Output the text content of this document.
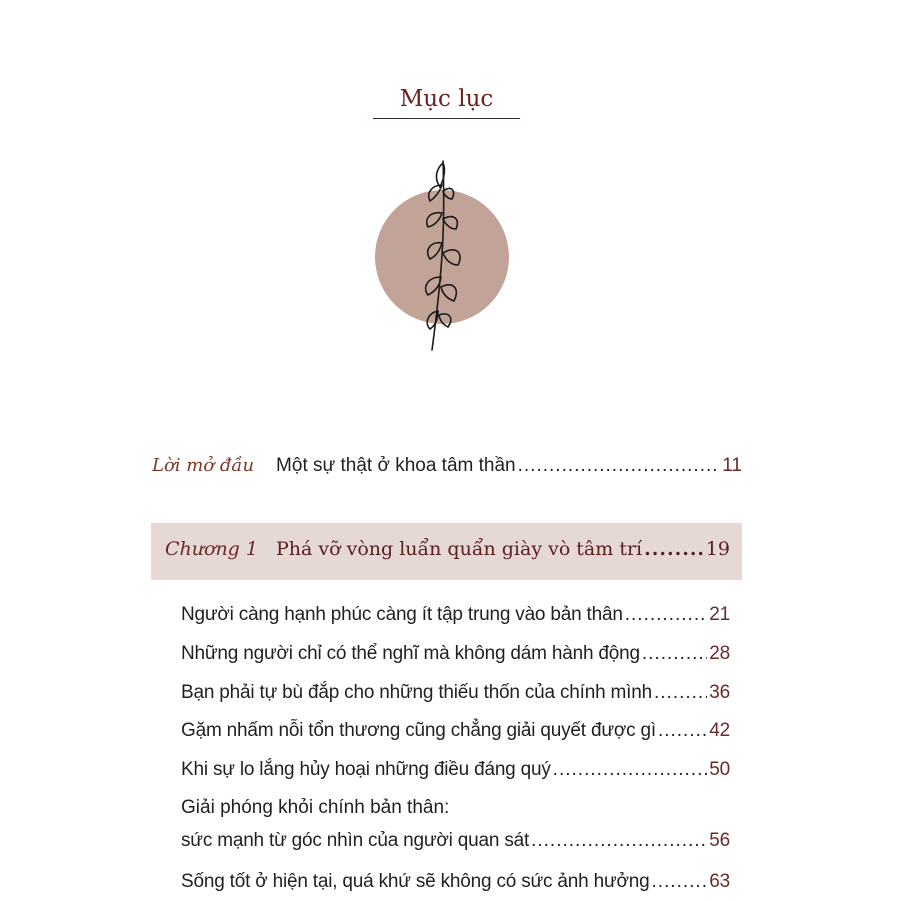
Mục lục
Lời mở đầu Một sự thật ở khoa tâm thần .....	11
Chương 1 Phá vỡ vòng luẩn quẩn giày vò tâm trí .....	19
Người càng hạnh phúc càng ít tập trung vào bản thân .....	21
Những người chỉ có thể nghĩ mà không dám hành động .....	28
Bạn phải tự bù đắp cho những thiếu thốn của chính mình .....	36
Gặm nhấm nỗi tổn thương cũng chẳng giải quyết được gì .....	42
Khi sự lo lắng hủy hoại những điều đáng quý .....	50
Giải phóng khỏi chính bản thân:
sức mạnh từ góc nhìn của người quan sát .....	56
Sống tốt ở hiện tại, quá khứ sẽ không có sức ảnh hưởng .....	63
